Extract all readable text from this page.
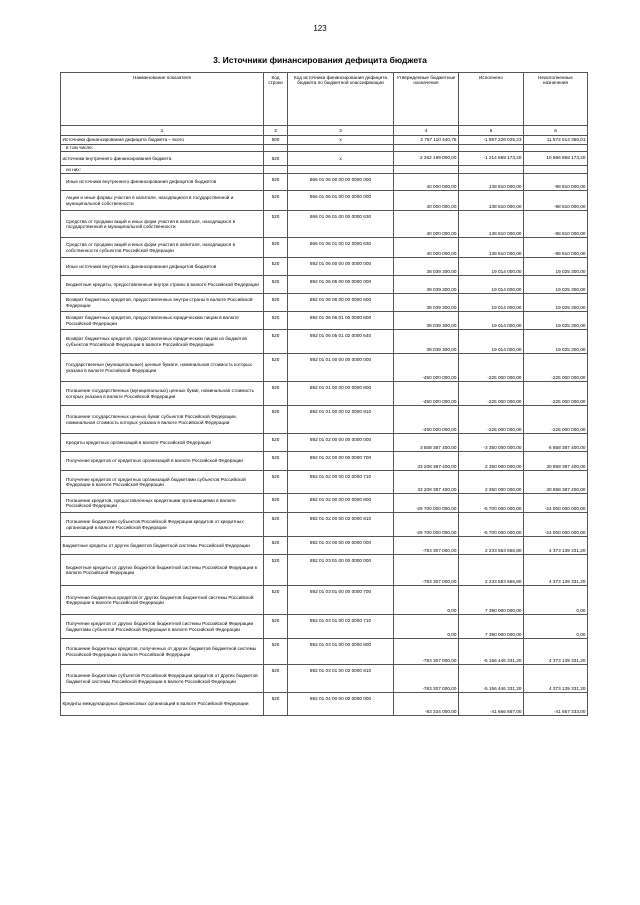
123
3. Источники финансирования дефицита бюджета
Наименование показателя	Код строки	Код источника финансирования дефицита бюджета по бюджетной классификации	Утвержденные бюджетные назначения	Исполнено	Неисполненные назначения
1	2	3	4	5	6
Источники финансирования дефицита бюджета – всего	500	х	2 767 110 440,78	-1 857 226 025,23	11 572 614 366,01
в том числе:					
источники внутреннего финансирования бюджета	520	х	2 262 199 000,00	-1 214 669 173,20	10 666 868 173,20
из них:					
Иные источники внутреннего финансирования дефицитов бюджетов	520	866 01 06 00 00 00 0000 000	40 000 000,00	138 810 000,00	-98 810 000,00
Акции и иные формы участия в капитале, находящиеся в государственной и муниципальной собственности	520	866 01 06 01 00 00 0000 000	40 000 000,00	138 810 000,00	-98 810 000,00
Средства от продажи акций и иных форм участия в капитале, находящихся в государственной и муниципальной собственности	520	866 01 06 01 00 00 0000 630	40 000 000,00	138 810 000,00	-98 810 000,00
Средства от продажи акций и иных форм участия в капитале, находящихся в собственности субъектов Российской Федерации	520	866 01 06 01 00 02 0000 630	40 000 000,00	138 810 000,00	-98 810 000,00
Иные источники внутреннего финансирования дефицитов бюджетов	520	892 01 06 00 00 00 0000 000	38 039 300,00	19 014 000,00	19 025 300,00
Бюджетные кредиты, предоставленные внутри страны в валюте Российской Федерации	520	892 01 06 05 00 00 0000 000	38 039 300,00	19 014 000,00	19 025 300,00
Возврат бюджетных кредитов, предоставленных внутри страны в валюте Российской Федерации	520	892 01 06 05 00 00 0000 600	38 039 300,00	19 014 000,00	19 025 300,00
Возврат бюджетных кредитов, предоставленных юридическим лицам в валюте Российской Федерации	520	892 01 06 05 01 00 0000 600	38 039 300,00	19 014 000,00	19 025 300,00
Возврат бюджетных кредитов, предоставленных юридическим лицам из бюджетов субъектов Российской Федерации в валюте Российской Федерации	520	892 01 06 05 01 02 0000 640	38 039 300,00	19 014 000,00	19 025 300,00
Государственные (муниципальные) ценные бумаги, номинальная стоимость которых указана в валюте Российской Федерации	520	892 01 01 00 00 00 0000 000	-450 000 000,00	-225 000 000,00	-225 000 000,00
Погашение государственных (муниципальных) ценных бумаг, номинальная стоимость которых указана в валюте Российской Федерации	520	892 01 01 00 00 00 0000 800	-450 000 000,00	-225 000 000,00	-225 000 000,00
Погашение государственных ценных бумаг субъектов Российской Федерации, номинальная стоимость которых указана в валюте Российской Федерации	520	892 01 01 00 00 02 0000 810	-450 000 000,00	-225 000 000,00	-225 000 000,00
Кредиты кредитных организаций в валюте Российской Федерации	520	892 01 02 00 00 00 0000 000	3 508 387 400,00	-3 350 000 000,00	6 858 387 400,00
Получение кредитов от кредитных организаций в валюте Российской Федерации	520	892 01 02 00 00 00 0000 700	33 208 387 400,00	2 350 000 000,00	30 858 387 400,00
Получение кредитов от кредитных организаций бюджетами субъектов Российской Федерации в валюте Российской Федерации	520	892 01 02 00 00 02 0000 710	33 208 387 400,00	2 350 000 000,00	30 858 387 400,00
Погашение кредитов, предоставленных кредитными организациями в валюте Российской Федерации	520	892 01 02 00 00 00 0000 800	-29 700 000 000,00	-5 700 000 000,00	-24 000 000 000,00
Погашение бюджетами субъектов Российской Федерации кредитов от кредитных организаций в валюте Российской Федерации	520	892 01 02 00 00 02 0000 810	-29 700 000 000,00	-5 700 000 000,00	-24 000 000 000,00
Бюджетные кредиты от других бюджетов бюджетной системы Российской Федерации	520	892 01 03 00 00 00 0000 000	-783 307 000,00	2 233 553 666,80	4 373 139 331,20
Бюджетные кредиты от других бюджетов бюджетной системы Российской Федерации в валюте Российской Федерации	520	892 01 03 01 00 00 0000 000	-783 307 000,00	2 233 553 666,80	4 373 139 331,20
Получение бюджетных кредитов от других бюджетов бюджетной системы Российской Федерации в валюте Российской Федерации	520	892 01 03 01 00 00 0000 700	0,00	7 390 000 000,00	0,00
Получение кредитов от других бюджетов бюджетной системы Российской Федерации бюджетами субъектов Российской Федерации в валюте Российской Федерации	520	892 01 03 01 00 02 0000 710	0,00	7 390 000 000,00	0,00
Погашение бюджетных кредитов, полученных от других бюджетов бюджетной системы Российской Федерации в валюте Российской Федерации	520	892 01 03 01 00 00 0000 800	-783 307 000,00	-5 156 446 331,20	4 373 139 331,20
Погашение бюджетами субъектов Российской Федерации кредитов от других бюджетов бюджетной системы Российской Федерации в валюте Российской Федерации	520	892 01 03 01 00 02 0000 810	-783 307 000,00	-5 156 446 331,20	4 373 139 331,20
Кредиты международных финансовых организаций в валюте Российской Федерации	520	892 01 04 00 00 00 0000 000	-83 334 000,00	-41 666 667,00	-41 667 333,00
